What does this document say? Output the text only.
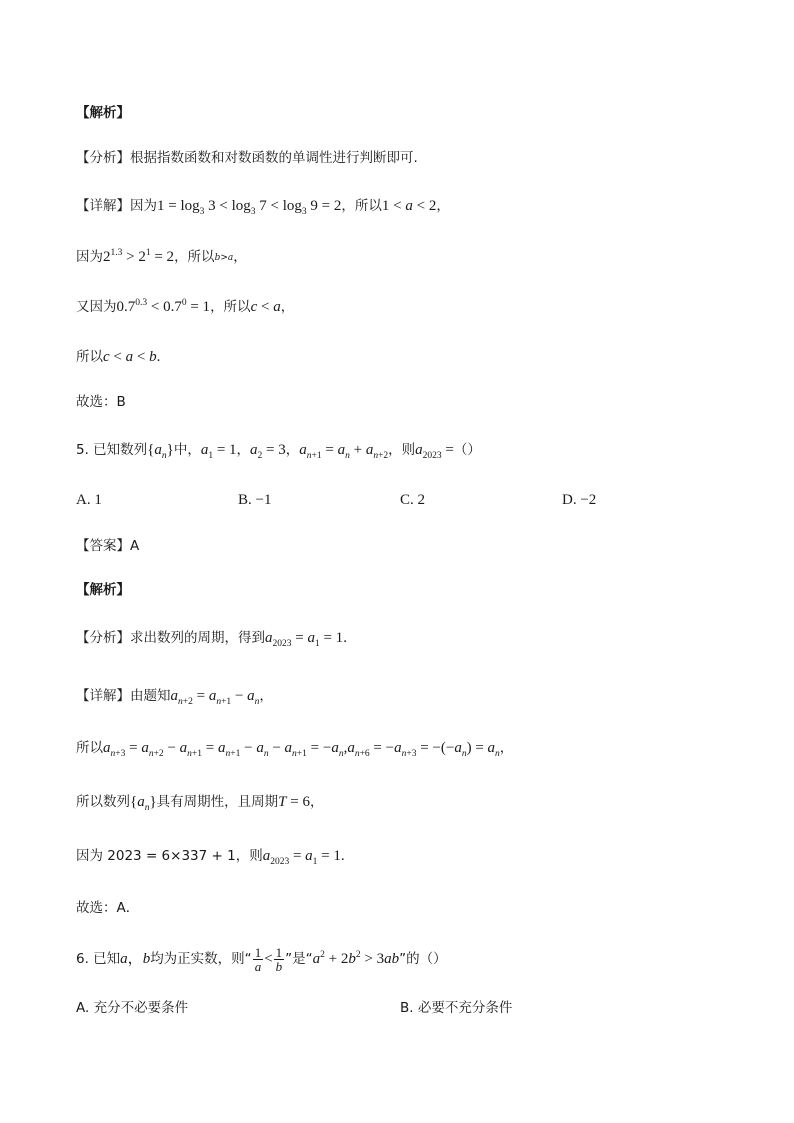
【解析】
【分析】根据指数函数和对数函数的单调性进行判断即可.
【详解】因为$1 = \log_3 3 < \log_3 7 < \log_3 9 = 2$，所以1 < a < 2，
因为$2^{1.3} > 2^1 = 2$，所以b>a，
又因为$0.7^{0.3} < 0.7^0 = 1$，所以c < a，
所以c < a < b.
故选：B
5. 已知数列$\{a_n\}$中，$a_1 = 1$，$a_2 = 3$，$a_{n+1} = a_n + a_{n+2}$，则$a_{2023}$ =（）
A. 1	B. −1	C. 2	D. −2
【答案】A
【解析】
【分析】求出数列的周期，得到$a_{2023} = a_1 = 1$.
【详解】由题知$a_{n+2} = a_{n+1} - a_n$，
所以$a_{n+3} = a_{n+2} - a_{n+1} = a_{n+1} - a_n - a_{n+1} = -a_n,a_{n+6} = -a_{n+3} = -(-a_n) = a_n$，
所以数列$\{a_n\}$具有周期性，且周期T = 6，
因为 2023 = 6×337 + 1，则$a_{2023} = a_1 = 1$.
故选：A．
6. 已知a，b均为正实数，则“ $\frac{1}{a} < \frac{1}{b}$ ”是“$a^2 + 2b^2 > 3ab$”的（）
A. 充分不必要条件	B. 必要不充分条件
